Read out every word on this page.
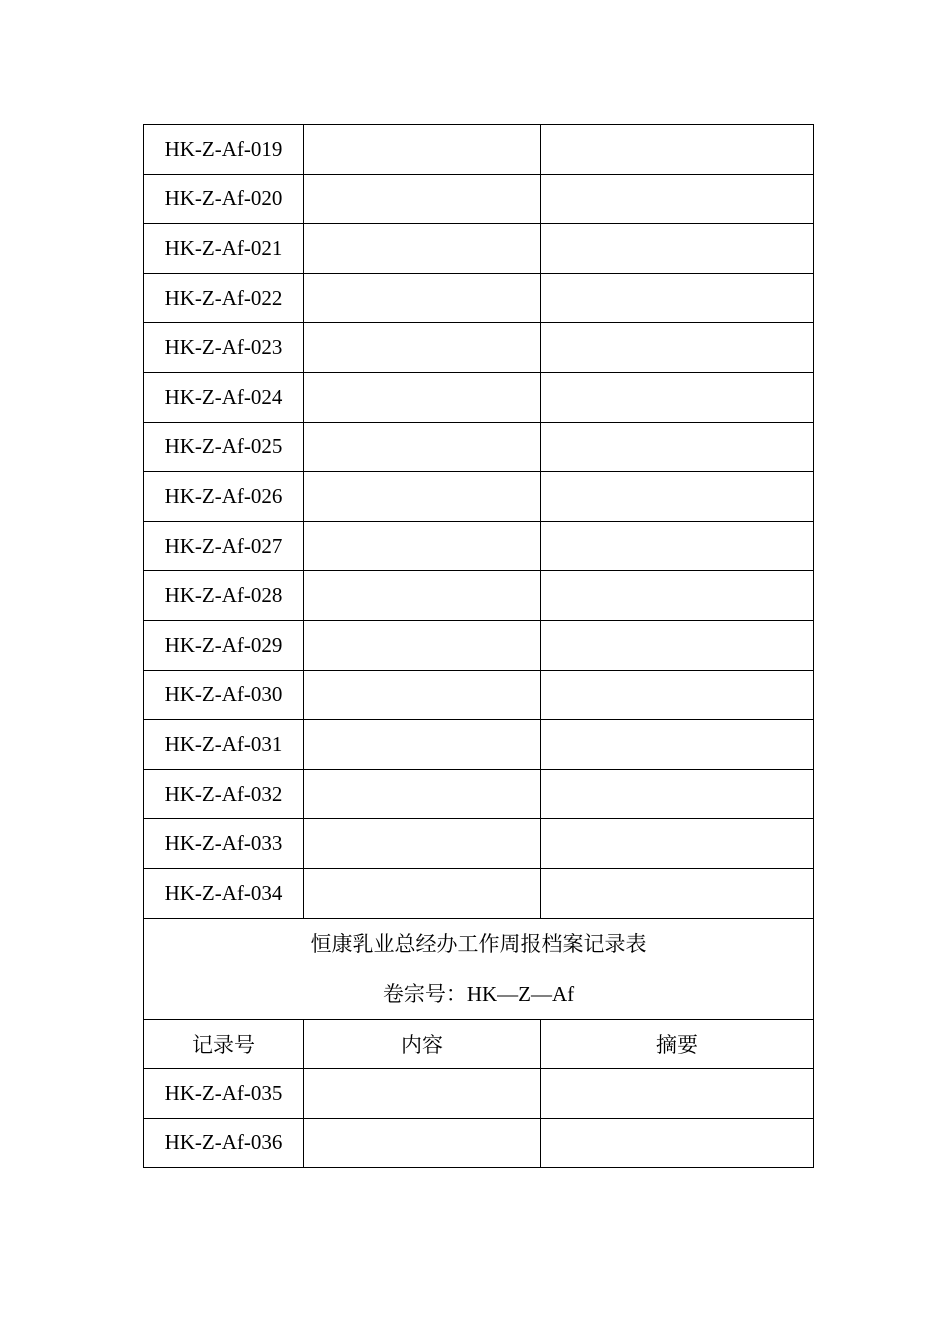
HK-Z-Af-019		
HK-Z-Af-020		
HK-Z-Af-021		
HK-Z-Af-022		
HK-Z-Af-023		
HK-Z-Af-024		
HK-Z-Af-025		
HK-Z-Af-026		
HK-Z-Af-027		
HK-Z-Af-028		
HK-Z-Af-029		
HK-Z-Af-030		
HK-Z-Af-031		
HK-Z-Af-032		
HK-Z-Af-033		
HK-Z-Af-034		

恒康乳业总经办工作周报档案记录表
卷宗号：HK—Z—Af		

记录号	内容	摘要
HK-Z-Af-035		
HK-Z-Af-036		
